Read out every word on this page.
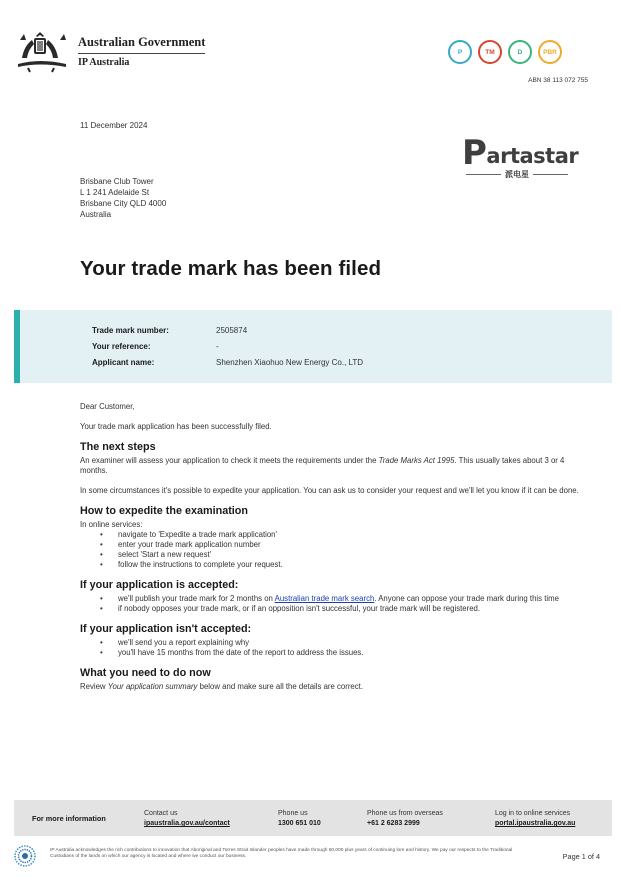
Australian Government
IP Australia
P	TM	D	PBR
ABN 38 113 072 755
11 December 2024
P artastar
派电星
Brisbane Club Tower
L 1 241 Adelaide St
Brisbane City QLD 4000
Australia
Your trade mark has been filed
Trade mark number:	2505874
Your reference:	-
Applicant name:	Shenzhen Xiaohuo New Energy Co., LTD

Dear Customer,

Your trade mark application has been successfully filed.

The next steps

An examiner will assess your application to check it meets the requirements under the Trade Marks Act 1995. This usually takes about 3 or 4 months.

In some circumstances it's possible to expedite your application. You can ask us to consider your request and we'll let you know if it can be done.

How to expedite the examination
In online services:
• navigate to 'Expedite a trade mark application'
• enter your trade mark application number
• select 'Start a new request'
• follow the instructions to complete your request.
If your application is accepted:
• we'll publish your trade mark for 2 months on Australian trade mark search. Anyone can oppose your trade mark during this time
• if nobody opposes your trade mark, or if an opposition isn't successful, your trade mark will be registered.
If your application isn't accepted:
• we'll send you a report explaining why
• you'll have 15 months from the date of the report to address the issues.
What you need to do now

Review Your application summary below and make sure all the details are correct.

For more information
Contact us
ipaustralia.gov.au/contact
Phone us
1300 651 010
Phone us from overseas
+61 2 6283 2999
Log in to online services
portal.ipaustralia.gov.au
IP Australia acknowledges the rich contributions to innovation that Aboriginal and Torres Strait Islander peoples have made through 60,000 plus years of continuing lore and history. We pay our respects to the Traditional Custodians of the lands on which our agency is located and where we conduct our business.	Page 1 of 4
